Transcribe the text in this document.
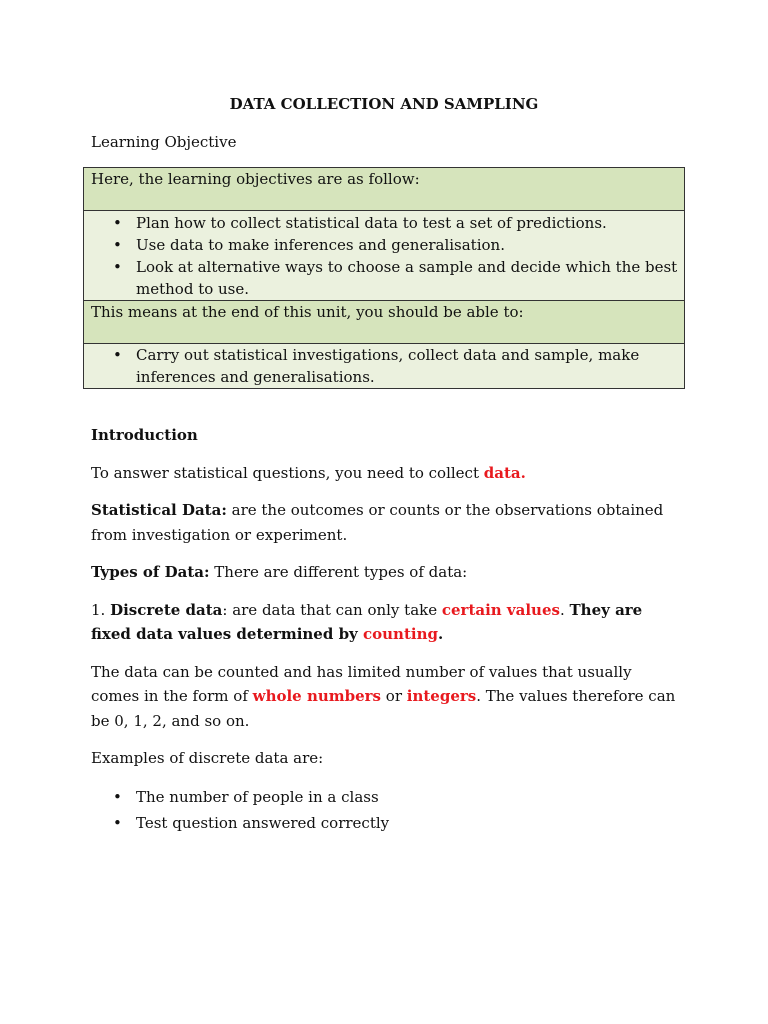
DATA COLLECTION AND SAMPLING

Learning Objective

Here, the learning objectives are as follow:

• Plan how to collect statistical data to test a set of predictions.
• Use data to make inferences and generalisation.
• Look at alternative ways to choose a sample and decide which the best method to use.

This means at the end of this unit, you should be able to:

• Carry out statistical investigations, collect data and sample, make inferences and generalisations.

Introduction

To answer statistical questions, you need to collect data.

Statistical Data: are the outcomes or counts or the observations obtained from investigation or experiment.

Types of Data: There are different types of data:

1. Discrete data: are data that can only take certain values. They are fixed data values determined by counting.

The data can be counted and has limited number of values that usually comes in the form of whole numbers or integers. The values therefore can be 0, 1, 2, and so on.

Examples of discrete data are:

• The number of people in a class
• Test question answered correctly
